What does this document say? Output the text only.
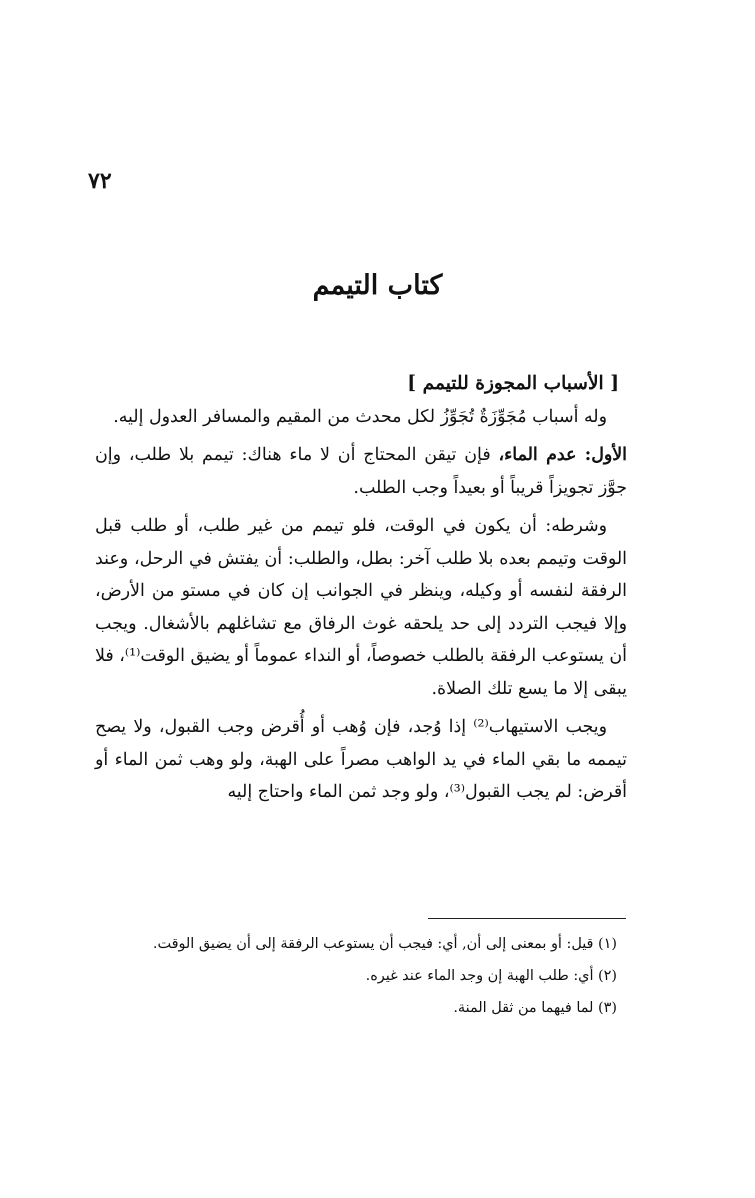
٧٢
كتاب التيمم

[ الأسباب المجوزة للتيمم ]

وله أسباب مُجَوِّزَةٌ تُجَوِّزُ لكل محدث من المقيم والمسافر العدول إليه.

الأول: عدم الماء، فإن تيقن المحتاج أن لا ماء هناك: تيمم بلا طلب، وإن جوَّز تجويزاً قريباً أو بعيداً وجب الطلب.

وشرطه: أن يكون في الوقت، فلو تيمم من غير طلب، أو طلب قبل الوقت وتيمم بعده بلا طلب آخر: بطل، والطلب: أن يفتش في الرحل، وعند الرفقة لنفسه أو وكيله، وينظر في الجوانب إن كان في مستو من الأرض، وإلا فيجب التردد إلى حد يلحقه غوث الرفاق مع تشاغلهم بالأشغال. ويجب أن يستوعب الرفقة بالطلب خصوصاً، أو النداء عموماً أو يضيق الوقت⁽¹⁾، فلا يبقى إلا ما يسع تلك الصلاة.

ويجب الاستيهاب⁽²⁾ إذا وُجد، فإن وُهب أو أُقرض وجب القبول، ولا يصح تيممه ما بقي الماء في يد الواهب مصراً على الهبة، ولو وهب ثمن الماء أو أقرض: لم يجب القبول⁽³⁾، ولو وجد ثمن الماء واحتاج إليه

(١) قيل: أو بمعنى إلى أن, أي: فيجب أن يستوعب الرفقة إلى أن يضيق الوقت.

(٢) أي: طلب الهبة إن وجد الماء عند غيره.

(٣) لما فيهما من ثقل المنة.
